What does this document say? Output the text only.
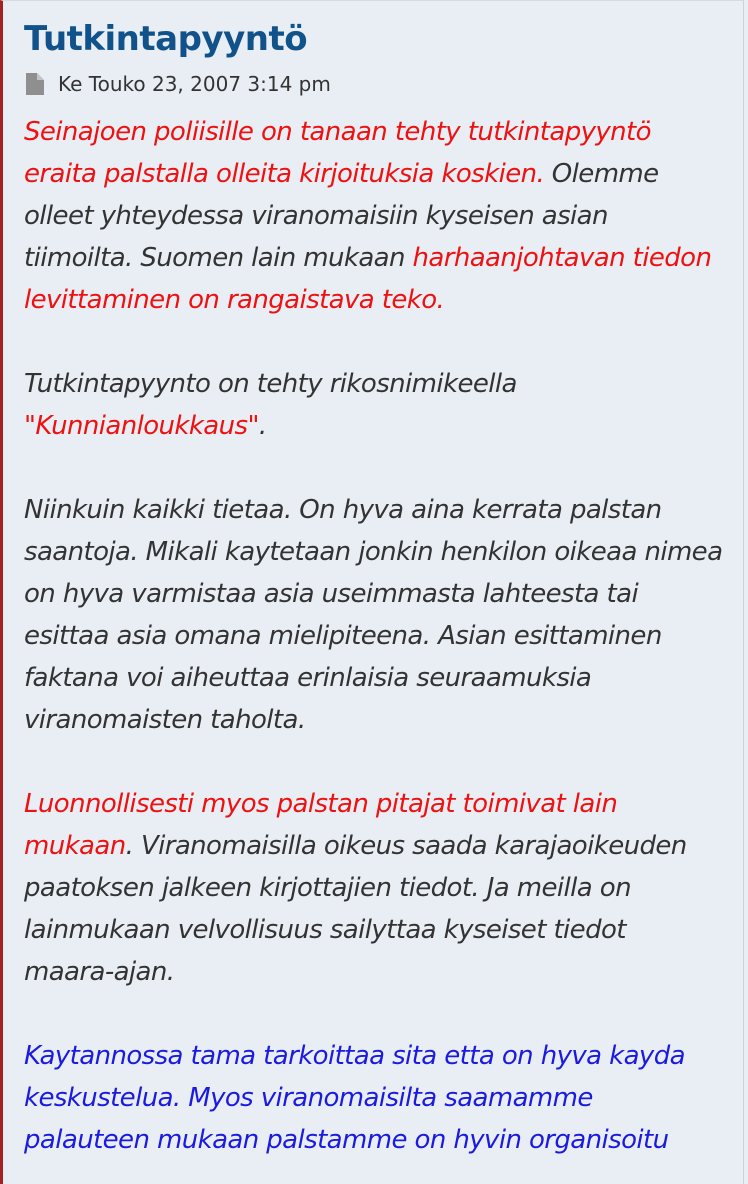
Tutkintapyyntö
Ke Touko 23, 2007 3:14 pm

Seinajoen poliisille on tanaan tehty tutkintapyyntö eraita palstalla olleita kirjoituksia koskien. Olemme olleet yhteydessa viranomaisiin kyseisen asian tiimoilta. Suomen lain mukaan harhaanjohtavan tiedon levittaminen on rangaistava teko.

Tutkintapyynto on tehty rikosnimikeella "Kunnianloukkaus".

Niinkuin kaikki tietaa. On hyva aina kerrata palstan saantoja. Mikali kaytetaan jonkin henkilon oikeaa nimea on hyva varmistaa asia useimmasta lahteesta tai esittaa asia omana mielipiteena. Asian esittaminen faktana voi aiheuttaa erinlaisia seuraamuksia viranomaisten taholta.

Luonnollisesti myos palstan pitajat toimivat lain mukaan. Viranomaisilla oikeus saada karajaoikeuden paatoksen jalkeen kirjottajien tiedot. Ja meilla on lainmukaan velvollisuus sailyttaa kyseiset tiedot maara-ajan.

Kaytannossa tama tarkoittaa sita etta on hyva kayda keskustelua. Myos viranomaisilta saamamme palauteen mukaan palstamme on hyvin organisoitu
